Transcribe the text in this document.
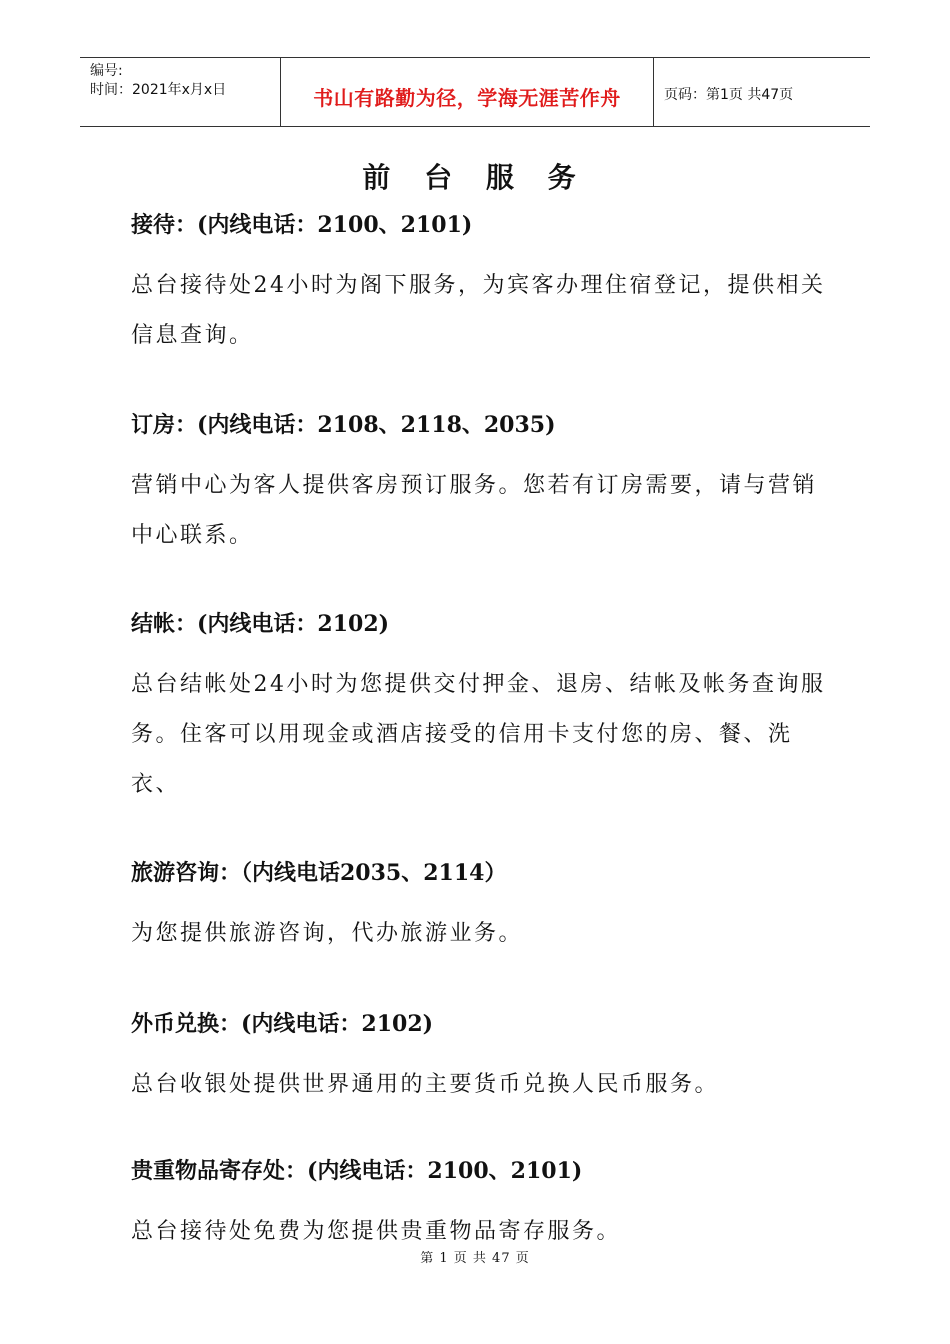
编号:
时间：2021年x月x日	书山有路勤为径，学海无涯苦作舟	页码：第1页 共47页
前 台 服 务
接待：(内线电话：2100、2101)
总台接待处24小时为阁下服务，为宾客办理住宿登记，提供相关信息查询。
订房：(内线电话：2108、2118、2035)
营销中心为客人提供客房预订服务。您若有订房需要，请与营销中心联系。
结帐：(内线电话：2102)
总台结帐处24小时为您提供交付押金、退房、结帐及帐务查询服务。住客可以用现金或酒店接受的信用卡支付您的房、餐、洗衣、
旅游咨询：（内线电话2035、2114）
为您提供旅游咨询，代办旅游业务。
外币兑换：(内线电话：2102)
总台收银处提供世界通用的主要货币兑换人民币服务。
贵重物品寄存处：(内线电话：2100、2101)
总台接待处免费为您提供贵重物品寄存服务。
第 1 页 共 47 页
